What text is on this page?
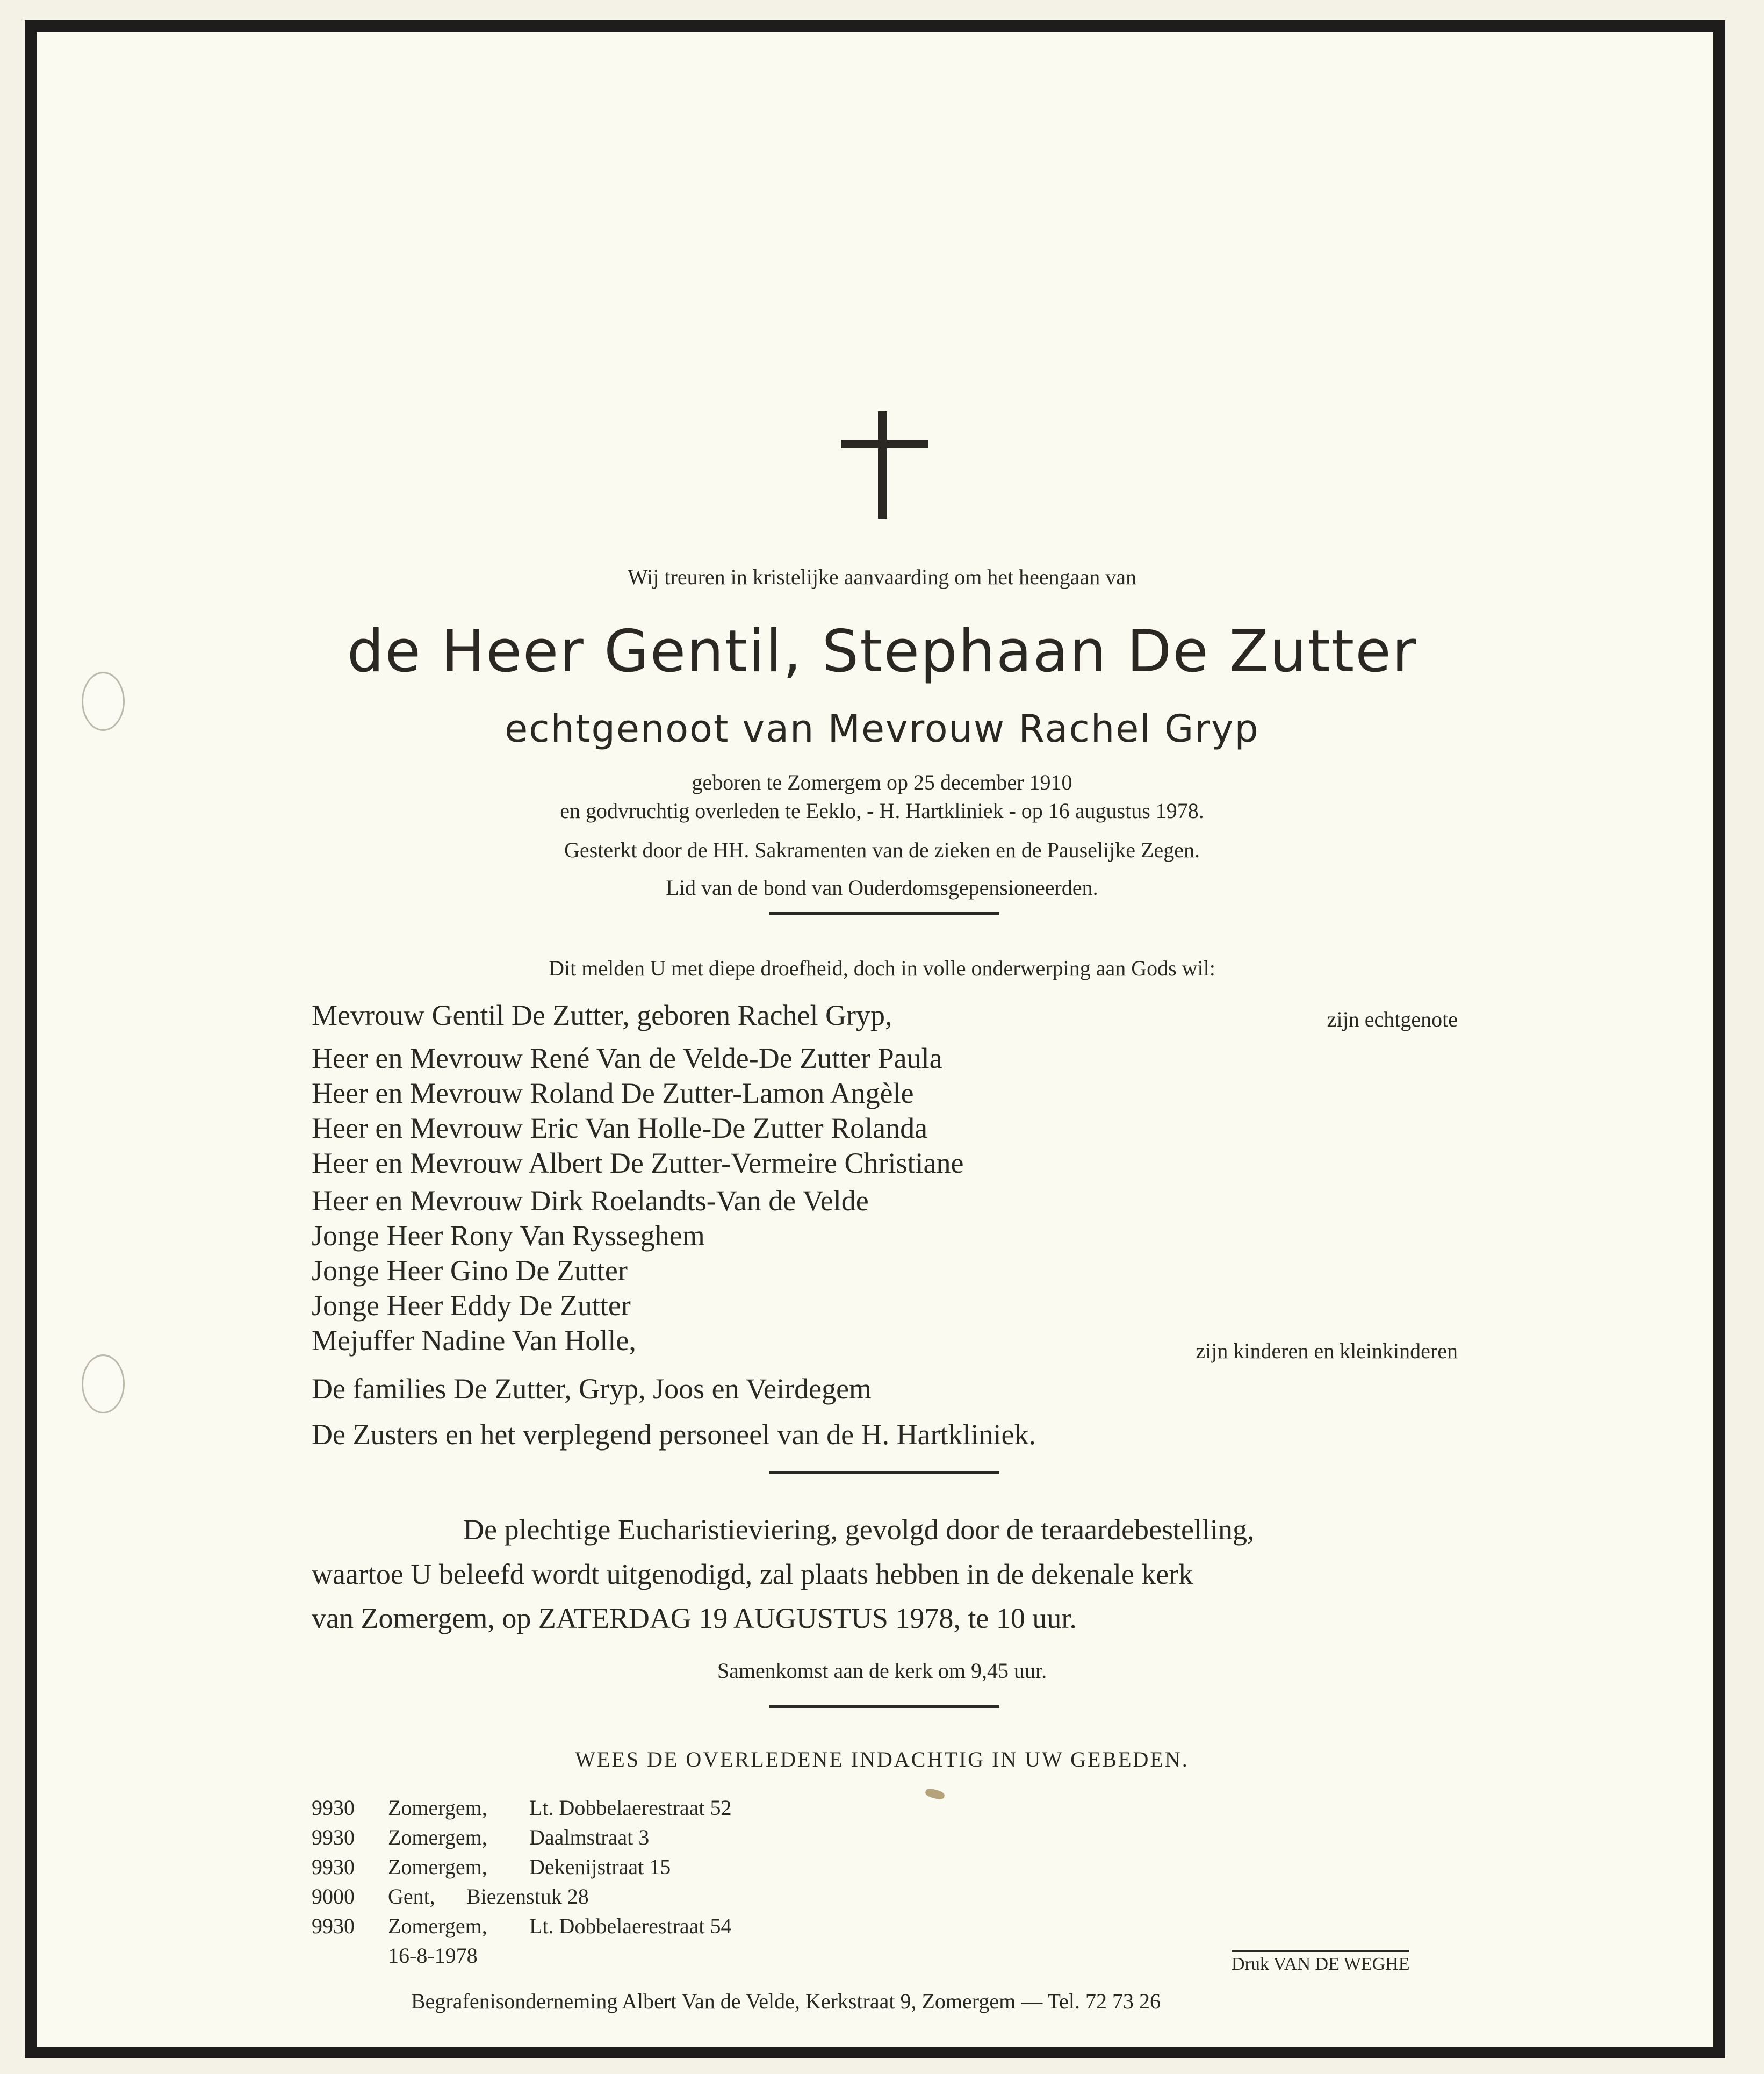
Wij treuren in kristelijke aanvaarding om het heengaan van
de Heer Gentil, Stephaan De Zutter
echtgenoot van Mevrouw Rachel Gryp
geboren te Zomergem op 25 december 1910
en godvruchtig overleden te Eeklo, - H. Hartkliniek - op 16 augustus 1978.
Gesterkt door de HH. Sakramenten van de zieken en de Pauselijke Zegen.
Lid van de bond van Ouderdomsgepensioneerden.
Dit melden U met diepe droefheid, doch in volle onderwerping aan Gods wil:
Mevrouw Gentil De Zutter, geboren Rachel Gryp,
Heer en Mevrouw René Van de Velde-De Zutter Paula
Heer en Mevrouw Roland De Zutter-Lamon Angèle
Heer en Mevrouw Eric Van Holle-De Zutter Rolanda
Heer en Mevrouw Albert De Zutter-Vermeire Christiane
Heer en Mevrouw Dirk Roelandts-Van de Velde
Jonge Heer Rony Van Rysseghem
Jonge Heer Gino De Zutter
Jonge Heer Eddy De Zutter
Mejuffer Nadine Van Holle,
De families De Zutter, Gryp, Joos en Veirdegem
De Zusters en het verplegend personeel van de H. Hartkliniek.
zijn echtgenote
zijn kinderen en kleinkinderen
De plechtige Eucharistieviering, gevolgd door de teraardebestelling,
waartoe U beleefd wordt uitgenodigd, zal plaats hebben in de dekenale kerk
van Zomergem, op ZATERDAG 19 AUGUSTUS 1978, te 10 uur.
Samenkomst aan de kerk om 9,45 uur.
WEES DE OVERLEDENE INDACHTIG IN UW GEBEDEN.
9930 Zomergem, Lt. Dobbelaerestraat 52
9930 Zomergem, Daalmstraat 3
9930 Zomergem, Dekenijstraat 15
9000 Gent, Biezenstuk 28
9930 Zomergem, Lt. Dobbelaerestraat 54
16-8-1978	Druk VAN DE WEGHE
Begrafenisonderneming Albert Van de Velde, Kerkstraat 9, Zomergem — Tel. 72 73 26
